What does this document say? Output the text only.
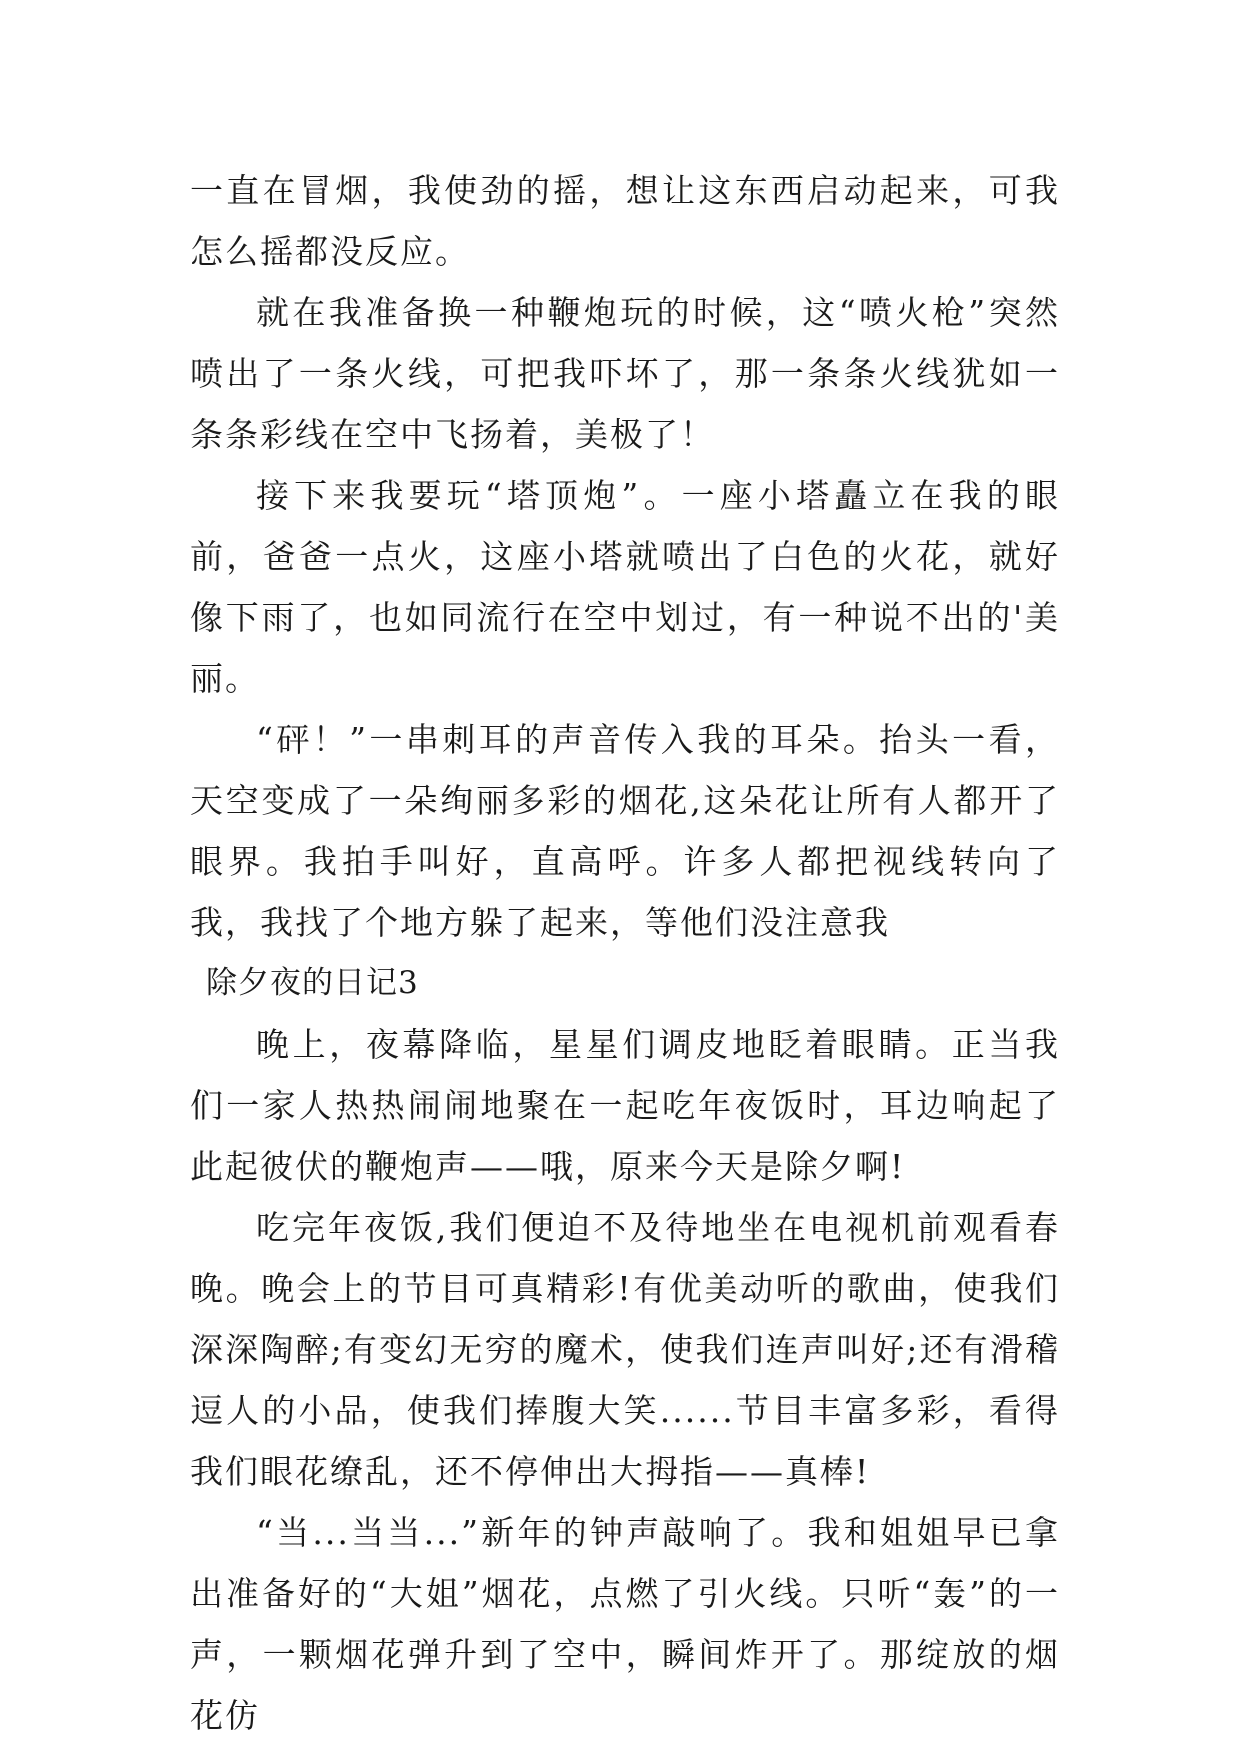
一直在冒烟，我使劲的摇，想让这东西启动起来，可我怎么摇都没反应。

就在我准备换一种鞭炮玩的时候，这“喷火枪”突然喷出了一条火线，可把我吓坏了，那一条条火线犹如一条条彩线在空中飞扬着，美极了！

接下来我要玩“塔顶炮”。一座小塔矗立在我的眼前，爸爸一点火，这座小塔就喷出了白色的火花，就好像下雨了，也如同流行在空中划过，有一种说不出的'美丽。

“砰！”一串刺耳的声音传入我的耳朵。抬头一看，天空变成了一朵绚丽多彩的烟花,这朵花让所有人都开了眼界。我拍手叫好，直高呼。许多人都把视线转向了我，我找了个地方躲了起来，等他们没注意我

除夕夜的日记3

晚上，夜幕降临，星星们调皮地眨着眼睛。正当我们一家人热热闹闹地聚在一起吃年夜饭时，耳边响起了此起彼伏的鞭炮声——哦，原来今天是除夕啊!

吃完年夜饭,我们便迫不及待地坐在电视机前观看春晚。晚会上的节目可真精彩!有优美动听的歌曲，使我们深深陶醉;有变幻无穷的魔术，使我们连声叫好;还有滑稽逗人的小品，使我们捧腹大笑......节目丰富多彩，看得我们眼花缭乱，还不停伸出大拇指——真棒!

“当...当当...”新年的钟声敲响了。我和姐姐早已拿出准备好的“大姐”烟花，点燃了引火线。只听“轰”的一声，一颗烟花弹升到了空中，瞬间炸开了。那绽放的烟花仿
